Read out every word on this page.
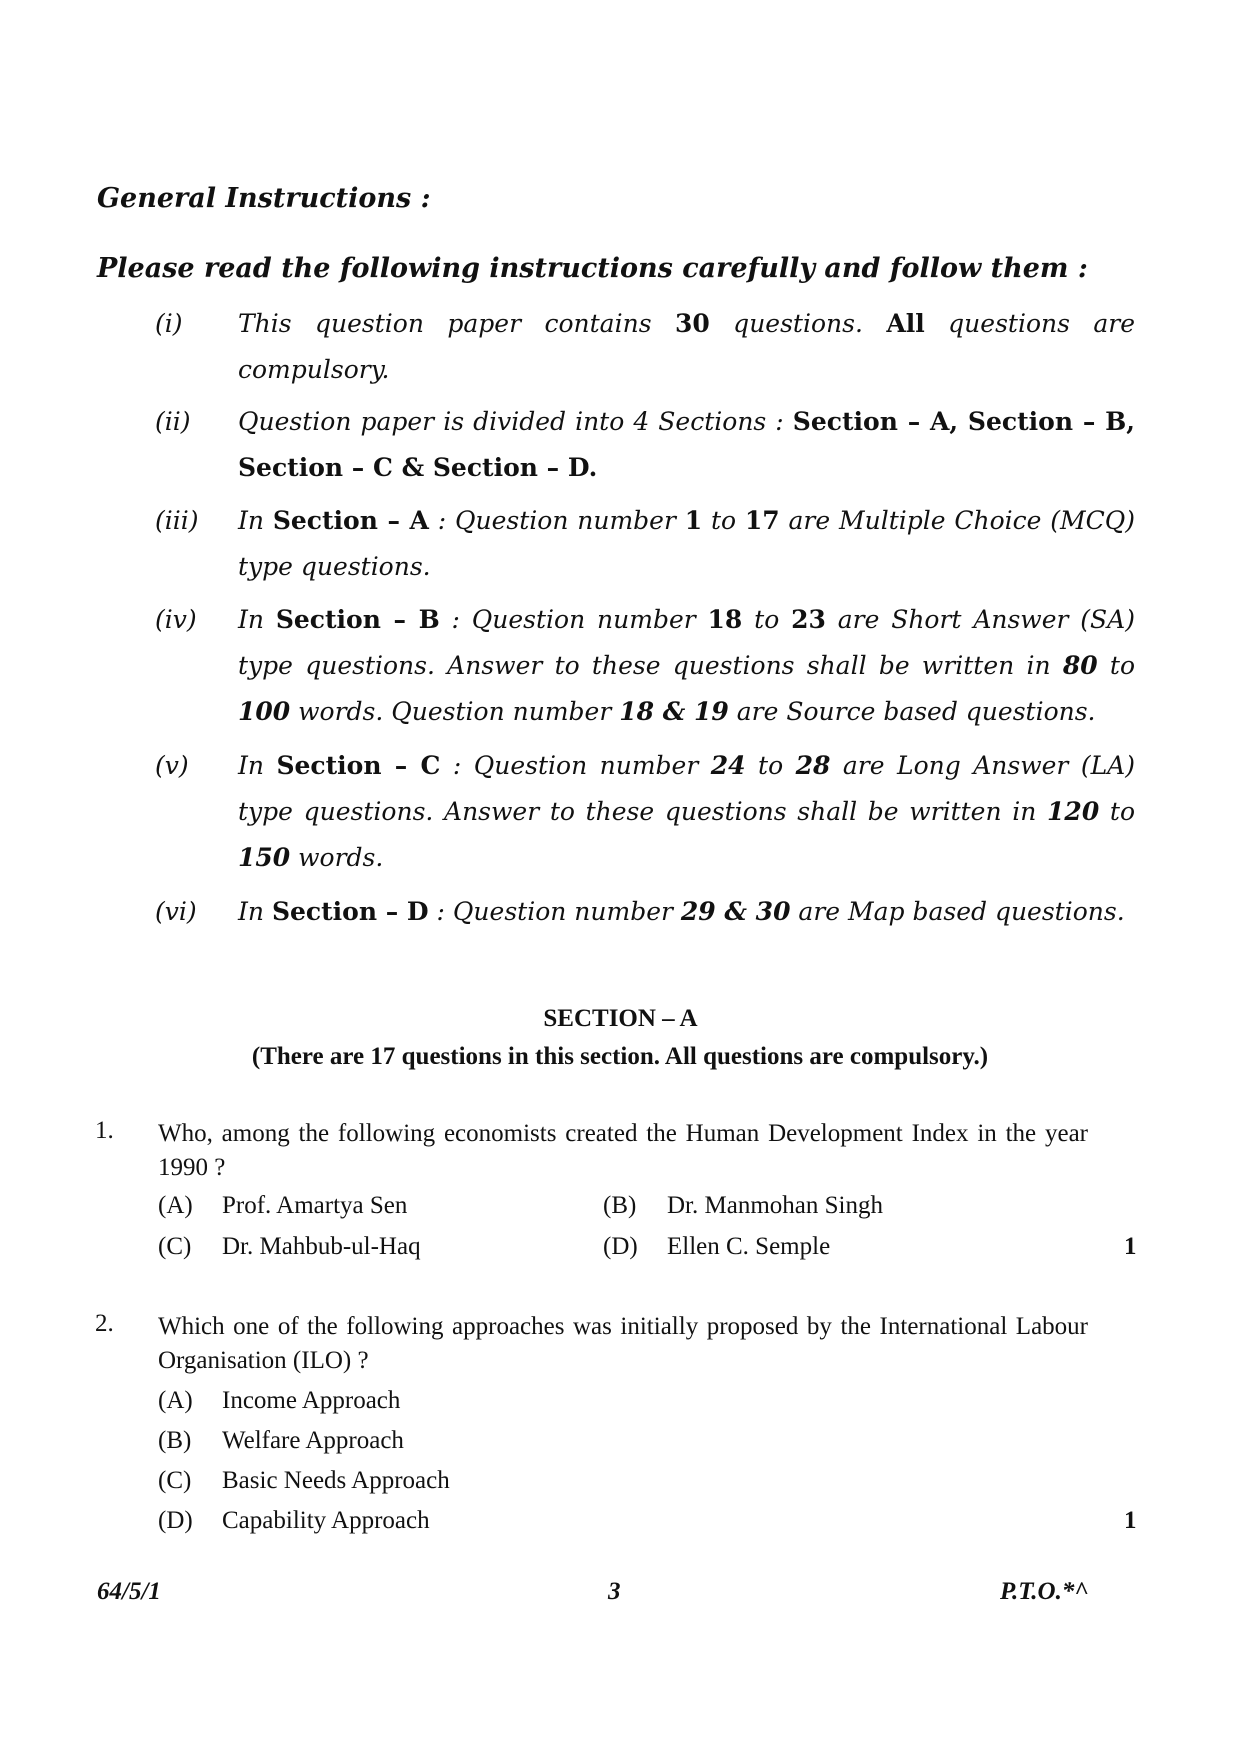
General Instructions :
Please read the following instructions carefully and follow them :
(i) This question paper contains 30 questions. All questions are compulsory.
(ii) Question paper is divided into 4 Sections : Section – A, Section – B, Section – C & Section – D.
(iii) In Section – A : Question number 1 to 17 are Multiple Choice (MCQ) type questions.
(iv) In Section – B : Question number 18 to 23 are Short Answer (SA) type questions. Answer to these questions shall be written in 80 to 100 words. Question number 18 & 19 are Source based questions.
(v) In Section – C : Question number 24 to 28 are Long Answer (LA) type questions. Answer to these questions shall be written in 120 to 150 words.
(vi) In Section – D : Question number 29 & 30 are Map based questions.
SECTION – A
(There are 17 questions in this section. All questions are compulsory.)
1. Who, among the following economists created the Human Development Index in the year 1990 ?
(A) Prof. Amartya Sen	(B) Dr. Manmohan Singh
(C) Dr. Mahbub-ul-Haq	(D) Ellen C. Semple	1
2. Which one of the following approaches was initially proposed by the International Labour Organisation (ILO) ?
(A) Income Approach
(B) Welfare Approach
(C) Basic Needs Approach
(D) Capability Approach	1
64/5/1	3	P.T.O.*^
